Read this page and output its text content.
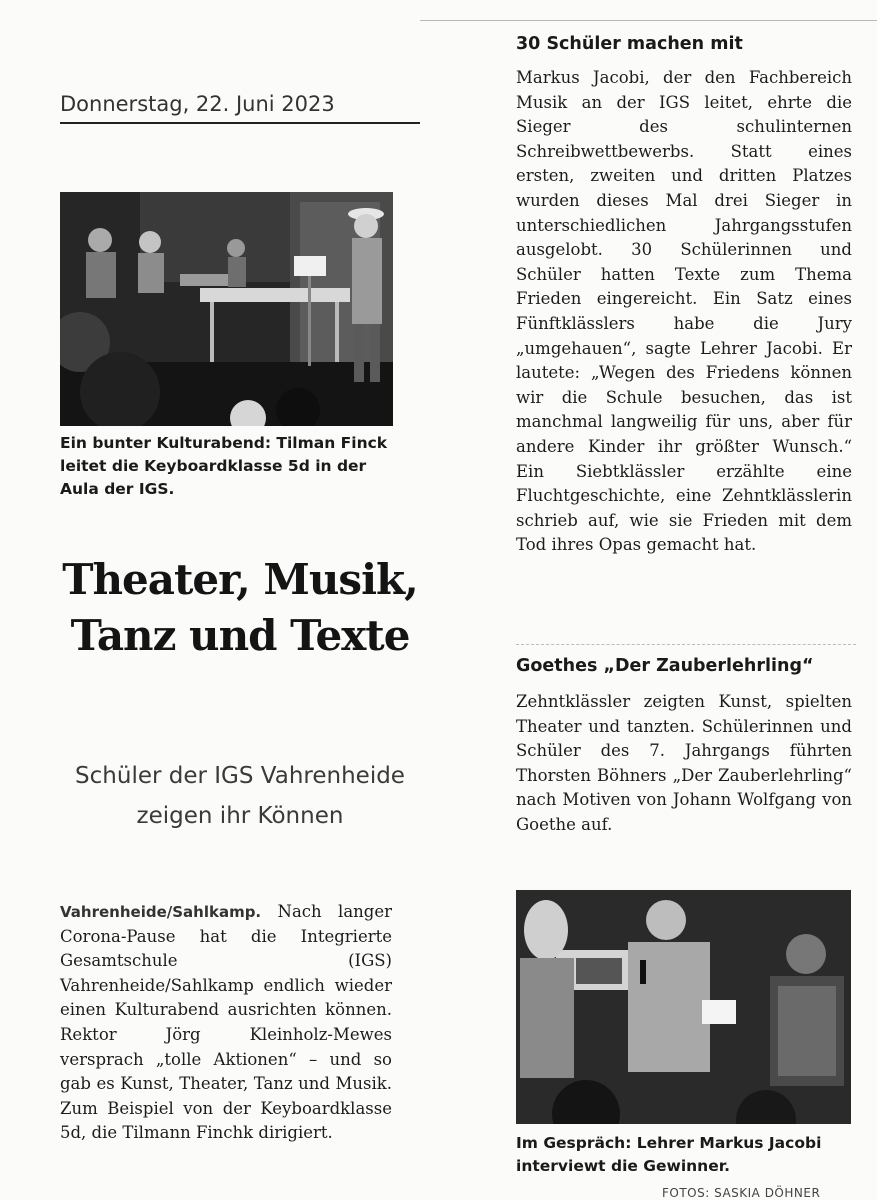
Donnerstag, 22. Juni 2023
Ein bunter Kulturabend: Tilman Finck leitet die Keyboardklasse 5d in der Aula der IGS.
Theater, Musik, Tanz und Texte
Schüler der IGS Vahrenheide zeigen ihr Können

Vahrenheide/Sahlkamp. Nach langer Corona-Pause hat die Integrierte Gesamtschule (IGS) Vahrenheide/Sahlkamp endlich wieder einen Kulturabend ausrichten können. Rektor Jörg Kleinholz-Mewes versprach „tolle Aktionen“ – und so gab es Kunst, Theater, Tanz und Musik. Zum Beispiel von der Keyboardklasse 5d, die Tilmann Finchk dirigiert.

30 Schüler machen mit

Markus Jacobi, der den Fachbereich Musik an der IGS leitet, ehrte die Sieger des schulinternen Schreibwettbewerbs. Statt eines ersten, zweiten und dritten Platzes wurden dieses Mal drei Sieger in unterschiedlichen Jahrgangsstufen ausgelobt. 30 Schülerinnen und Schüler hatten Texte zum Thema Frieden eingereicht. Ein Satz eines Fünftklässlers habe die Jury „umgehauen“, sagte Lehrer Jacobi. Er lautete: „Wegen des Friedens können wir die Schule besuchen, das ist manchmal langweilig für uns, aber für andere Kinder ihr größter Wunsch.“ Ein Siebtklässler erzählte eine Fluchtgeschichte, eine Zehntklässlerin schrieb auf, wie sie Frieden mit dem Tod ihres Opas gemacht hat.

Goethes „Der Zauberlehrling“

Zehntklässler zeigten Kunst, spielten Theater und tanzten. Schülerinnen und Schüler des 7. Jahrgangs führten Thorsten Böhners „Der Zauberlehrling“ nach Motiven von Johann Wolfgang von Goethe auf.

Im Gespräch: Lehrer Markus Jacobi interviewt die Gewinner.
FOTOS: SASKIA DÖHNER
